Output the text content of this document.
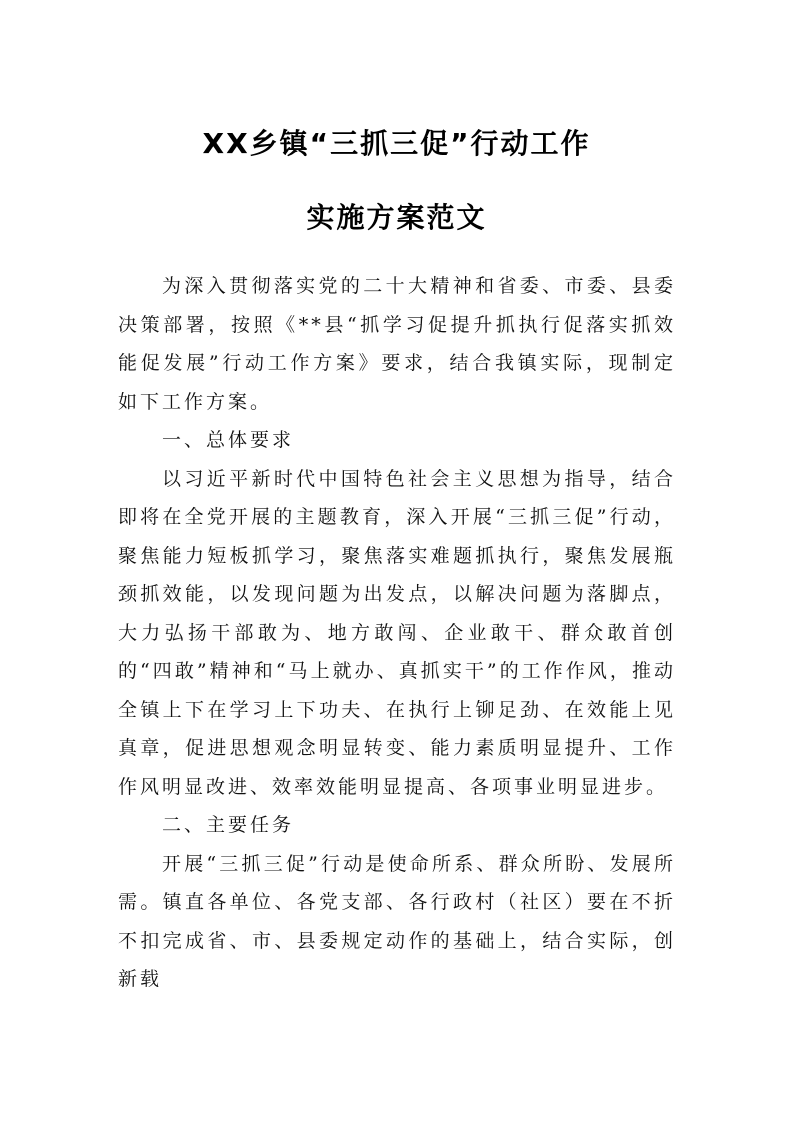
XX乡镇“三抓三促”行动工作
实施方案范文

为深入贯彻落实党的二十大精神和省委、市委、县委决策部署，按照《**县“抓学习促提升抓执行促落实抓效能促发展”行动工作方案》要求，结合我镇实际，现制定如下工作方案。

一、总体要求

以习近平新时代中国特色社会主义思想为指导，结合即将在全党开展的主题教育，深入开展“三抓三促”行动，聚焦能力短板抓学习，聚焦落实难题抓执行，聚焦发展瓶颈抓效能，以发现问题为出发点，以解决问题为落脚点，大力弘扬干部敢为、地方敢闯、企业敢干、群众敢首创的“四敢”精神和“马上就办、真抓实干”的工作作风，推动全镇上下在学习上下功夫、在执行上铆足劲、在效能上见真章，促进思想观念明显转变、能力素质明显提升、工作作风明显改进、效率效能明显提高、各项事业明显进步。

二、主要任务

开展“三抓三促”行动是使命所系、群众所盼、发展所需。镇直各单位、各党支部、各行政村（社区）要在不折不扣完成省、市、县委规定动作的基础上，结合实际，创新载
